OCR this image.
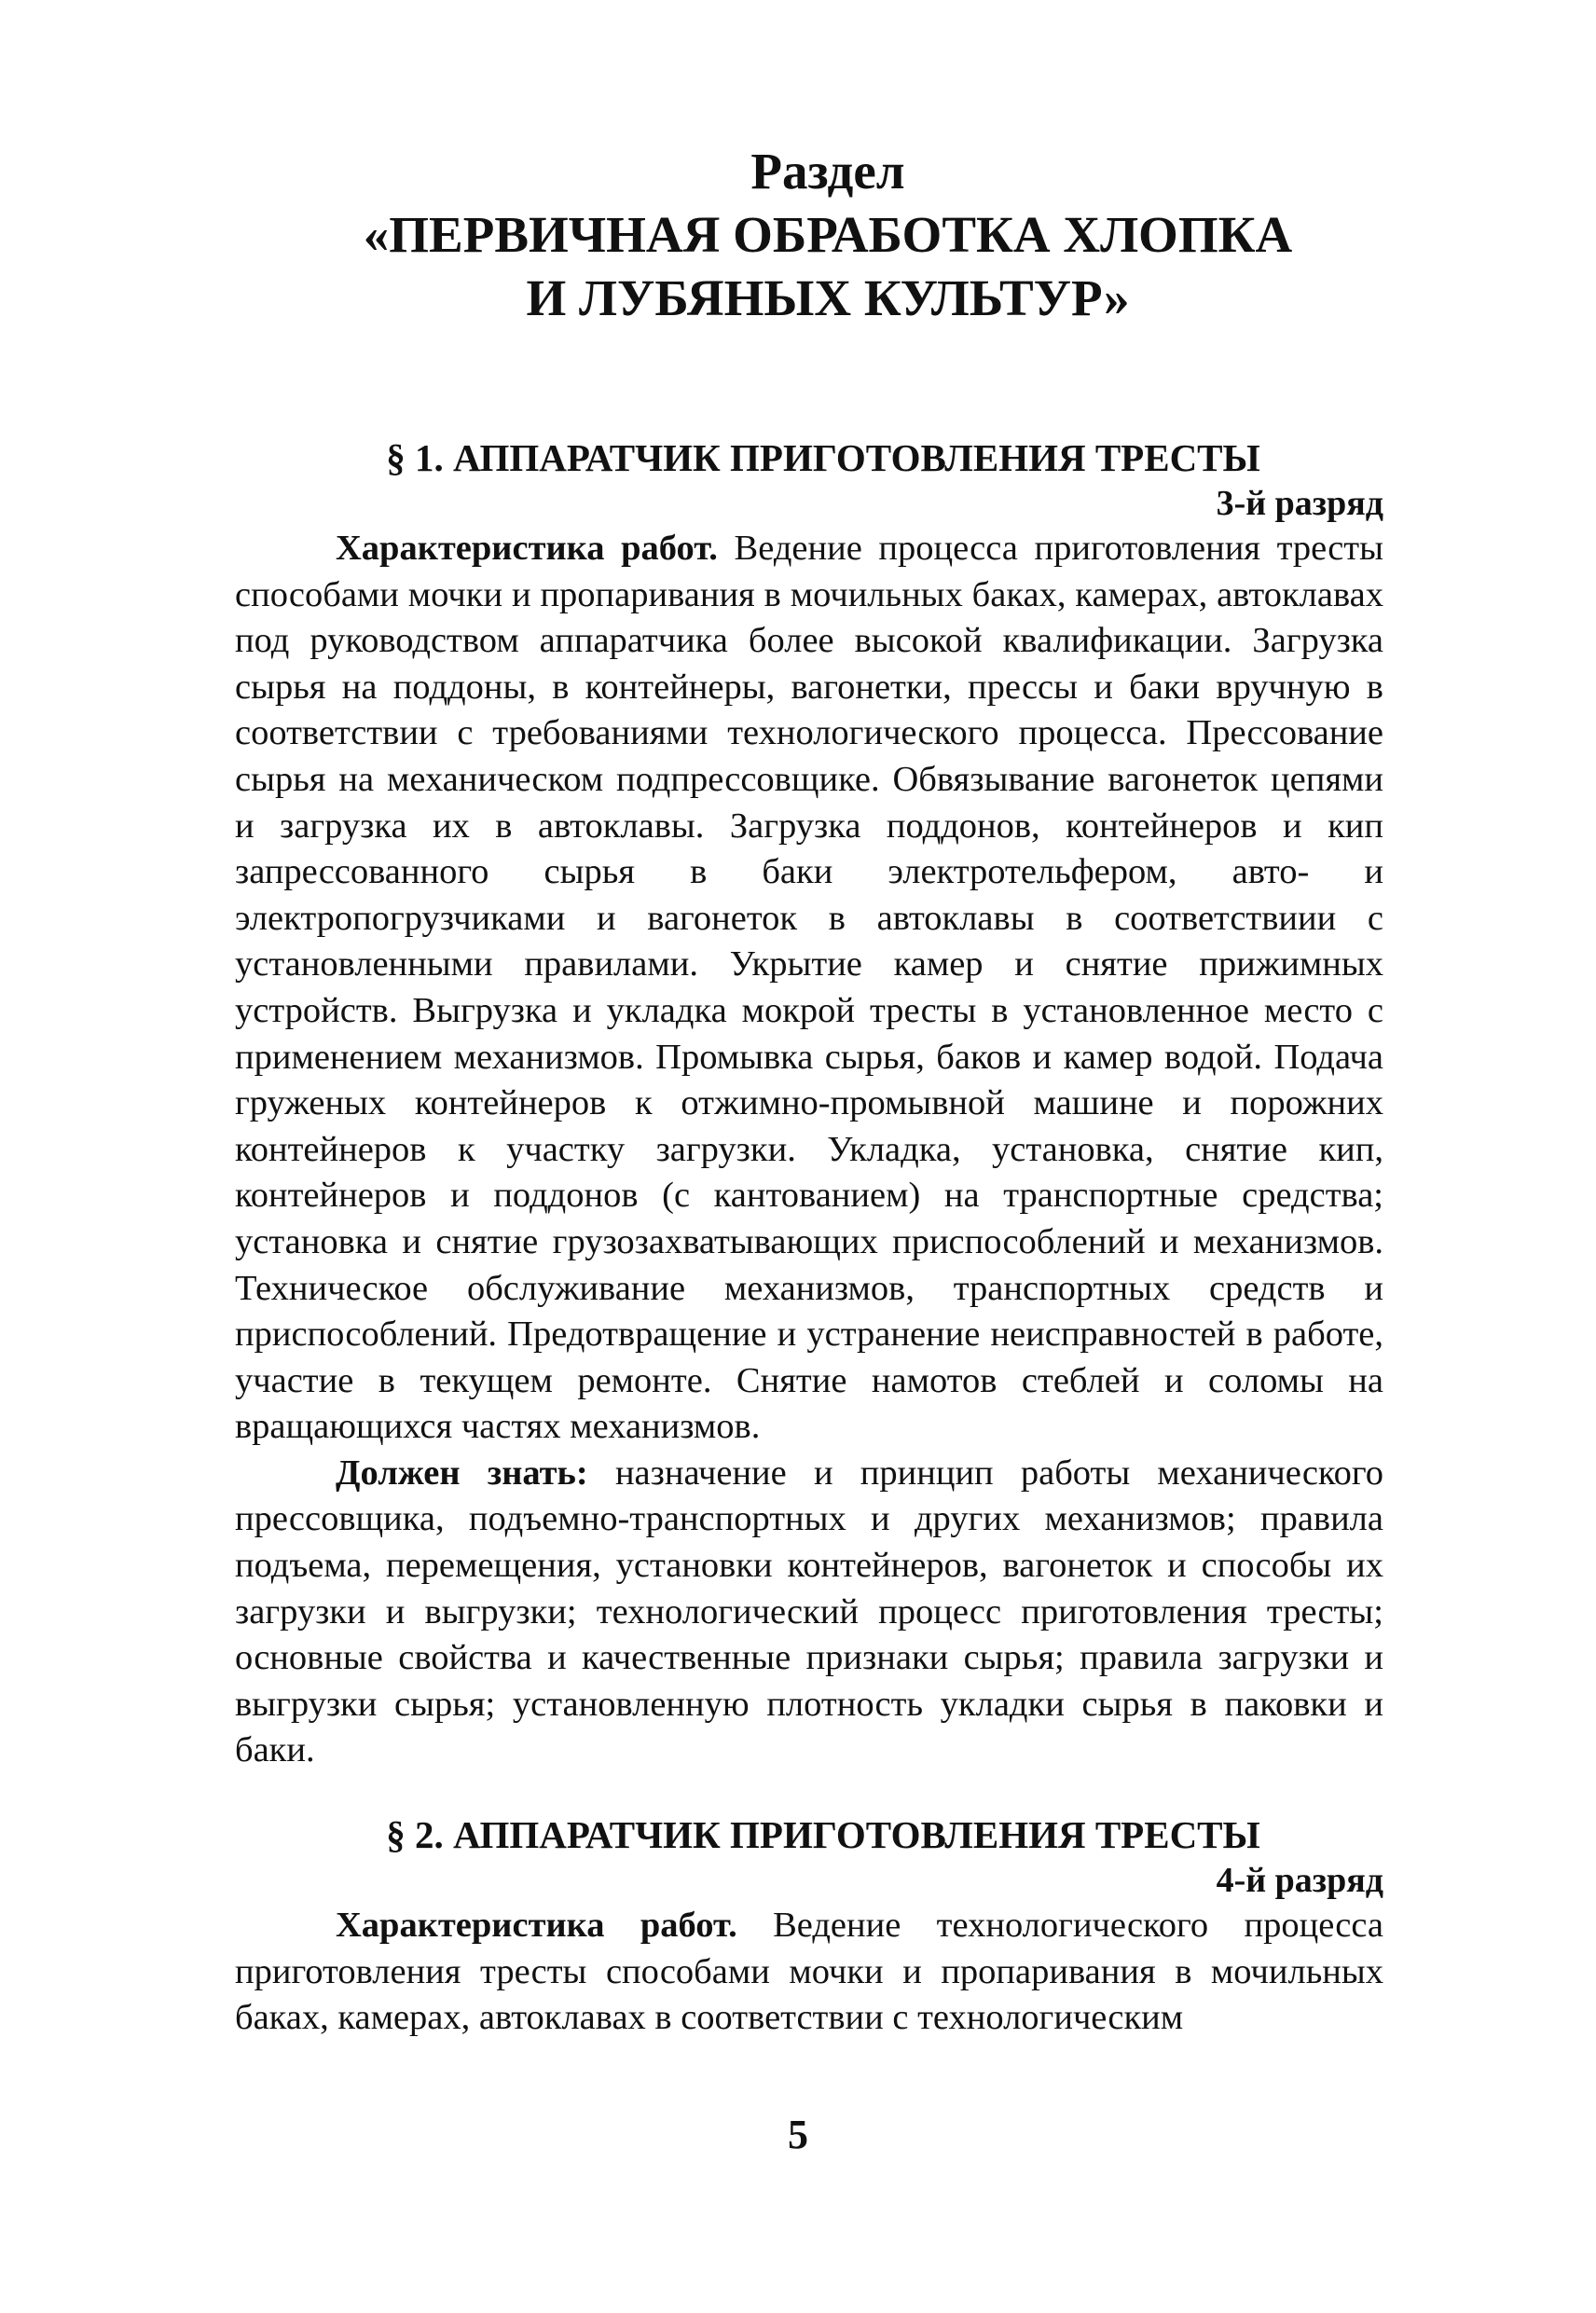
Раздел
«ПЕРВИЧНАЯ ОБРАБОТКА ХЛОПКА
И ЛУБЯНЫХ КУЛЬТУР»
§ 1. АППАРАТЧИК ПРИГОТОВЛЕНИЯ ТРЕСТЫ
3-й разряд

Характеристика работ. Ведение процесса приготовления тресты способами мочки и пропаривания в мочильных баках, камерах, автоклавах под руководством аппаратчика более высокой квалификации. Загрузка сырья на поддоны, в контейнеры, вагонетки, прессы и баки вручную в соответствии с требованиями технологического процесса. Прессование сырья на механическом подпрессовщике. Обвязывание вагонеток цепями и загрузка их в автоклавы. Загрузка поддонов, контейнеров и кип запрессованного сырья в баки электротельфером, авто- и электропогрузчиками и вагонеток в автоклавы в соответствиии с установленными правилами. Укрытие камер и снятие прижимных устройств. Выгрузка и укладка мокрой тресты в установленное место с применением механизмов. Промывка сырья, баков и камер водой. Подача груженых контейнеров к отжимно-промывной машине и порожних контейнеров к участку загрузки. Укладка, установка, снятие кип, контейнеров и поддонов (с кантованием) на транспортные средства; установка и снятие грузозахватывающих приспособлений и механизмов. Техническое обслуживание механизмов, транспортных средств и приспособлений. Предотвращение и устранение неисправностей в работе, участие в текущем ремонте. Снятие намотов стеблей и соломы на вращающихся частях механизмов.

Должен знать: назначение и принцип работы механического прессовщика, подъемно-транспортных и других механизмов; правила подъема, перемещения, установки контейнеров, вагонеток и способы их загрузки и выгрузки; технологический процесс приготовления тресты; основные свойства и качественные признаки сырья; правила загрузки и выгрузки сырья; установленную плотность укладки сырья в паковки и баки.

§ 2. АППАРАТЧИК ПРИГОТОВЛЕНИЯ ТРЕСТЫ
4-й разряд

Характеристика работ. Ведение технологического процесса приготовления тресты способами мочки и пропаривания в мочильных баках, камерах, автоклавах в соответствии с технологическим

5
